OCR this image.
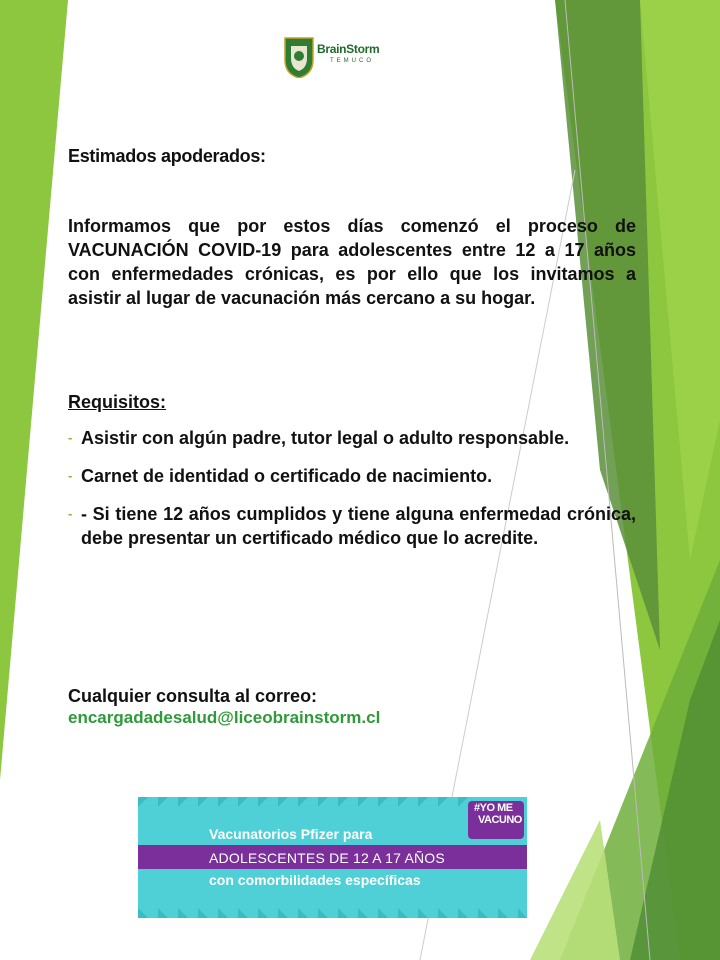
BrainStorm
TEMUCO
Estimados apoderados:
Informamos que por estos días comenzó el proceso de VACUNACIÓN COVID-19 para adolescentes entre 12 a 17 años con enfermedades crónicas, es por ello que los invitamos a asistir al lugar de vacunación más cercano a su hogar.
Requisitos:
- Asistir con algún padre, tutor legal o adulto responsable.
- Carnet de identidad o certificado de nacimiento.
- - Si tiene 12 años cumplidos y tiene alguna enfermedad crónica, debe presentar un certificado médico que lo acredite.
Cualquier consulta al correo:
encargadadesalud@liceobrainstorm.cl
Vacunatorios Pfizer para
ADOLESCENTES DE 12 A 17 AÑOS
con comorbilidades específicas
#YO ME
VACUNO
